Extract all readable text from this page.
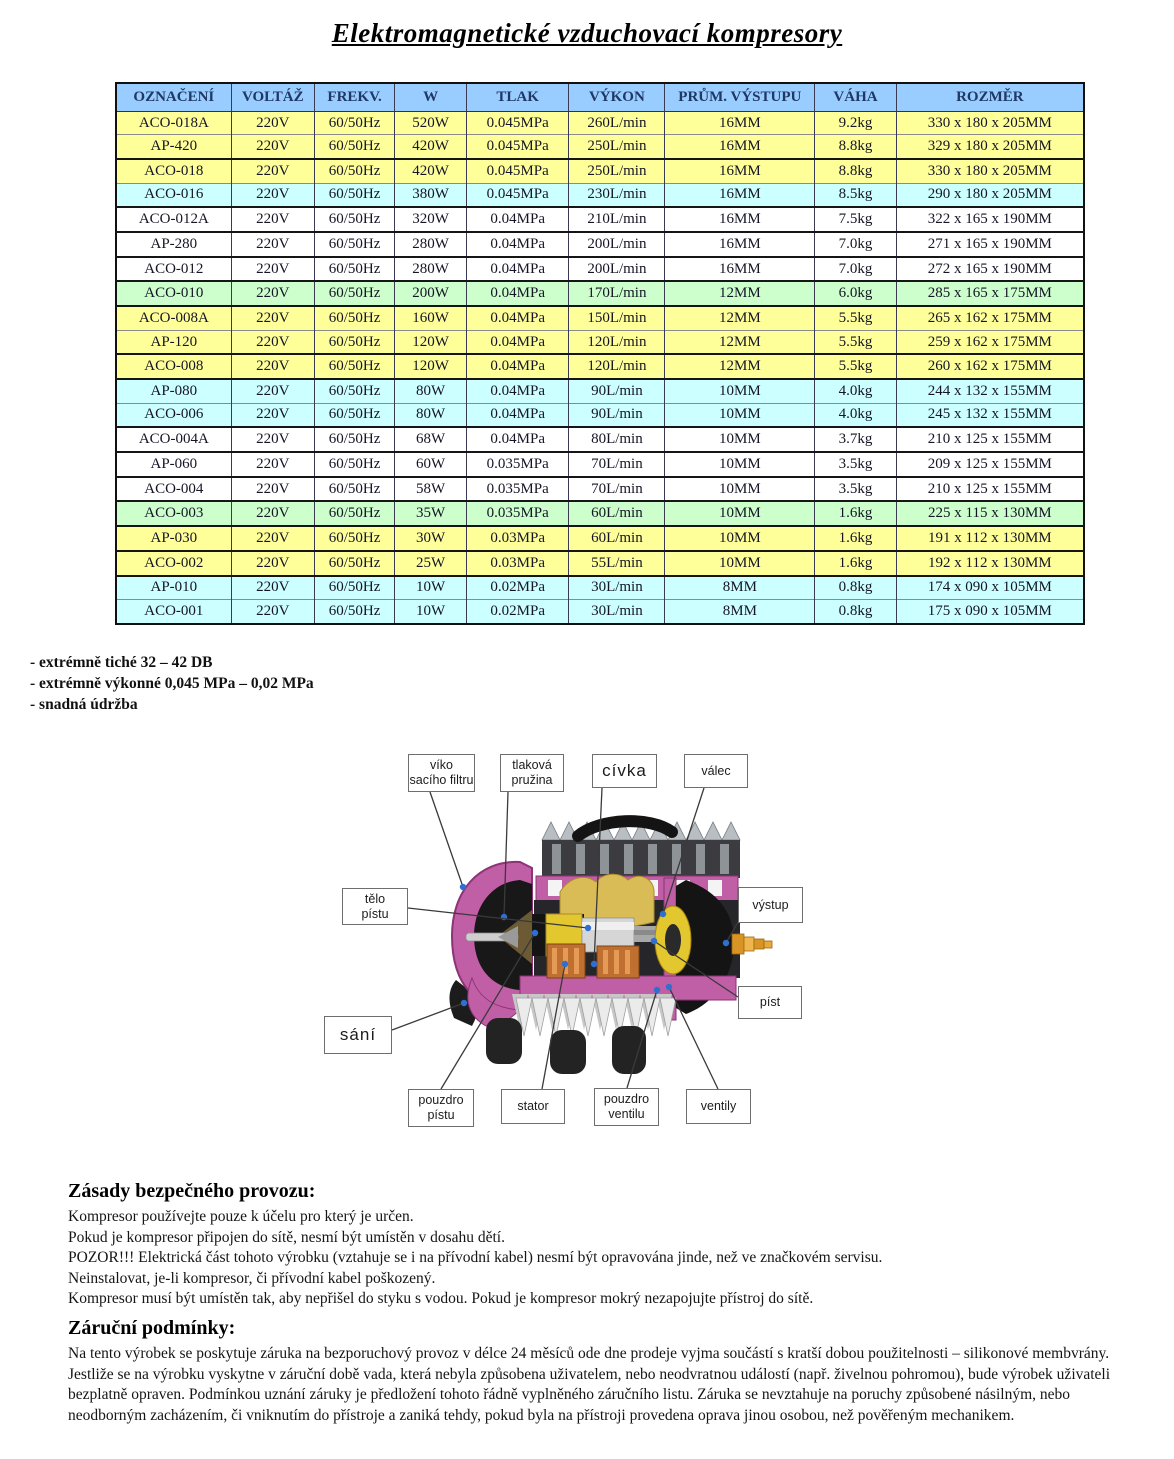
Elektromagnetické vzduchovací kompresory
OZNAČENÍ	VOLTÁŽ	FREKV.	W	TLAK	VÝKON	PRŮM. VÝSTUPU	VÁHA	ROZMĚR
ACO-018A	220V	60/50Hz	520W	0.045MPa	260L/min	16MM	9.2kg	330 x 180 x 205MM
AP-420	220V	60/50Hz	420W	0.045MPa	250L/min	16MM	8.8kg	329 x 180 x 205MM
ACO-018	220V	60/50Hz	420W	0.045MPa	250L/min	16MM	8.8kg	330 x 180 x 205MM
ACO-016	220V	60/50Hz	380W	0.045MPa	230L/min	16MM	8.5kg	290 x 180 x 205MM
ACO-012A	220V	60/50Hz	320W	0.04MPa	210L/min	16MM	7.5kg	322 x 165 x 190MM
AP-280	220V	60/50Hz	280W	0.04MPa	200L/min	16MM	7.0kg	271 x 165 x 190MM
ACO-012	220V	60/50Hz	280W	0.04MPa	200L/min	16MM	7.0kg	272 x 165 x 190MM
ACO-010	220V	60/50Hz	200W	0.04MPa	170L/min	12MM	6.0kg	285 x 165 x 175MM
ACO-008A	220V	60/50Hz	160W	0.04MPa	150L/min	12MM	5.5kg	265 x 162 x 175MM
AP-120	220V	60/50Hz	120W	0.04MPa	120L/min	12MM	5.5kg	259 x 162 x 175MM
ACO-008	220V	60/50Hz	120W	0.04MPa	120L/min	12MM	5.5kg	260 x 162 x 175MM
AP-080	220V	60/50Hz	80W	0.04MPa	90L/min	10MM	4.0kg	244 x 132 x 155MM
ACO-006	220V	60/50Hz	80W	0.04MPa	90L/min	10MM	4.0kg	245 x 132 x 155MM
ACO-004A	220V	60/50Hz	68W	0.04MPa	80L/min	10MM	3.7kg	210 x 125 x 155MM
AP-060	220V	60/50Hz	60W	0.035MPa	70L/min	10MM	3.5kg	209 x 125 x 155MM
ACO-004	220V	60/50Hz	58W	0.035MPa	70L/min	10MM	3.5kg	210 x 125 x 155MM
ACO-003	220V	60/50Hz	35W	0.035MPa	60L/min	10MM	1.6kg	225 x 115 x 130MM
AP-030	220V	60/50Hz	30W	0.03MPa	60L/min	10MM	1.6kg	191 x 112 x 130MM
ACO-002	220V	60/50Hz	25W	0.03MPa	55L/min	10MM	1.6kg	192 x 112 x 130MM
AP-010	220V	60/50Hz	10W	0.02MPa	30L/min	8MM	0.8kg	174 x 090 x 105MM
ACO-001	220V	60/50Hz	10W	0.02MPa	30L/min	8MM	0.8kg	175 x 090 x 105MM
- extrémně tiché 32 – 42 DB
- extrémně výkonné 0,045 MPa – 0,02 MPa
- snadná údržba
víko
sacího filtru
tlaková
pružina
cívka	válec
tělo
pístu
výstup
píst
sání
pouzdro
pístu
stator	pouzdro
ventilu
ventily
Zásady bezpečného provozu:
Kompresor používejte pouze k účelu pro který je určen.
Pokud je kompresor připojen do sítě, nesmí být umístěn v dosahu dětí.
POZOR!!! Elektrická část tohoto výrobku (vztahuje se i na přívodní kabel) nesmí být opravována jinde, než ve značkovém servisu.
Neinstalovat, je-li kompresor, či přívodní kabel poškozený.
Kompresor musí být umístěn tak, aby nepřišel do styku s vodou. Pokud je kompresor mokrý nezapojujte přístroj do sítě.
Záruční podmínky:
Na tento výrobek se poskytuje záruka na bezporuchový provoz v délce 24 měsíců ode dne prodeje vyjma součástí s kratší dobou použitelnosti – silikonové membvrány. Jestliže se na výrobku vyskytne v záruční době vada, která nebyla způsobena uživatelem, nebo neodvratnou událostí (např. živelnou pohromou), bude výrobek uživateli bezplatně opraven. Podmínkou uznání záruky je předložení tohoto řádně vyplněného záručního listu. Záruka se nevztahuje na poruchy způsobené násilným, nebo neodborným zacházením, či vniknutím do přístroje a zaniká tehdy, pokud byla na přístroji provedena oprava jinou osobou, než pověřeným mechanikem.
